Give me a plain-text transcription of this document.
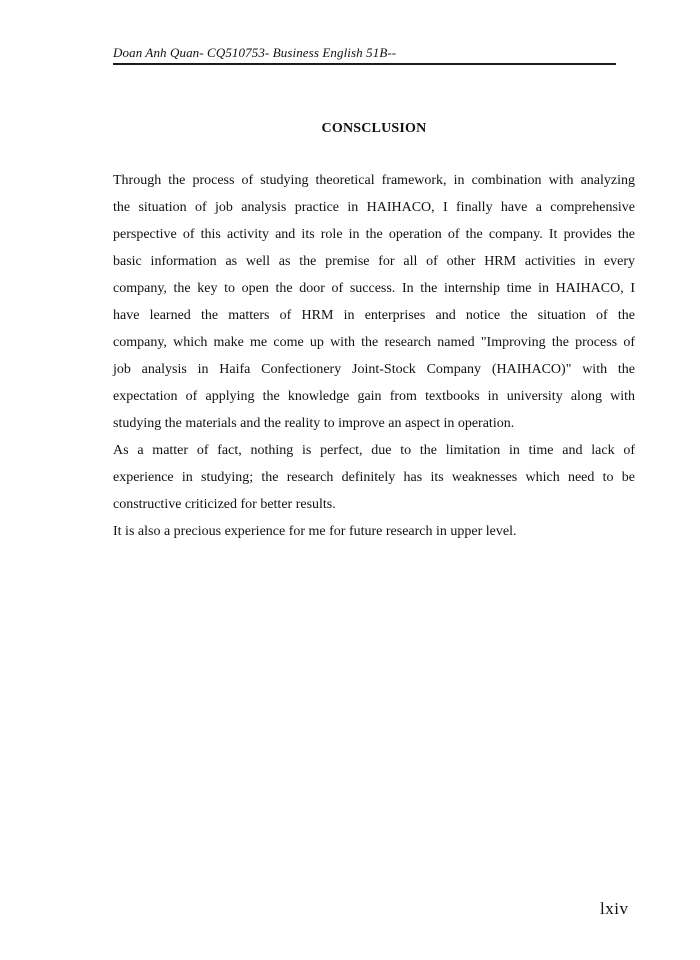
Doan Anh Quan- CQ510753- Business English 51B--
CONSCLUSION
Through the process of studying theoretical framework, in combination with analyzing
the situation of job analysis practice in HAIHACO, I finally have a comprehensive
perspective of this activity and its role in the operation of the company. It provides the
basic information as well as the premise for all of other HRM activities in every
company, the key to open the door of success. In the internship time in HAIHACO, I
have learned the matters of HRM in enterprises and notice the situation of the
company, which make me come up with the research named "Improving the process of
job analysis in Haifa Confectionery Joint-Stock Company (HAIHACO)" with the
expectation of applying the knowledge gain from textbooks in university along with
studying the materials and the reality to improve an aspect in operation.
As a matter of fact, nothing is perfect, due to the limitation in time and lack of
experience in studying; the research definitely has its weaknesses which need to be
constructive criticized for better results.
It is also a precious experience for me for future research in upper level.
lxiv
